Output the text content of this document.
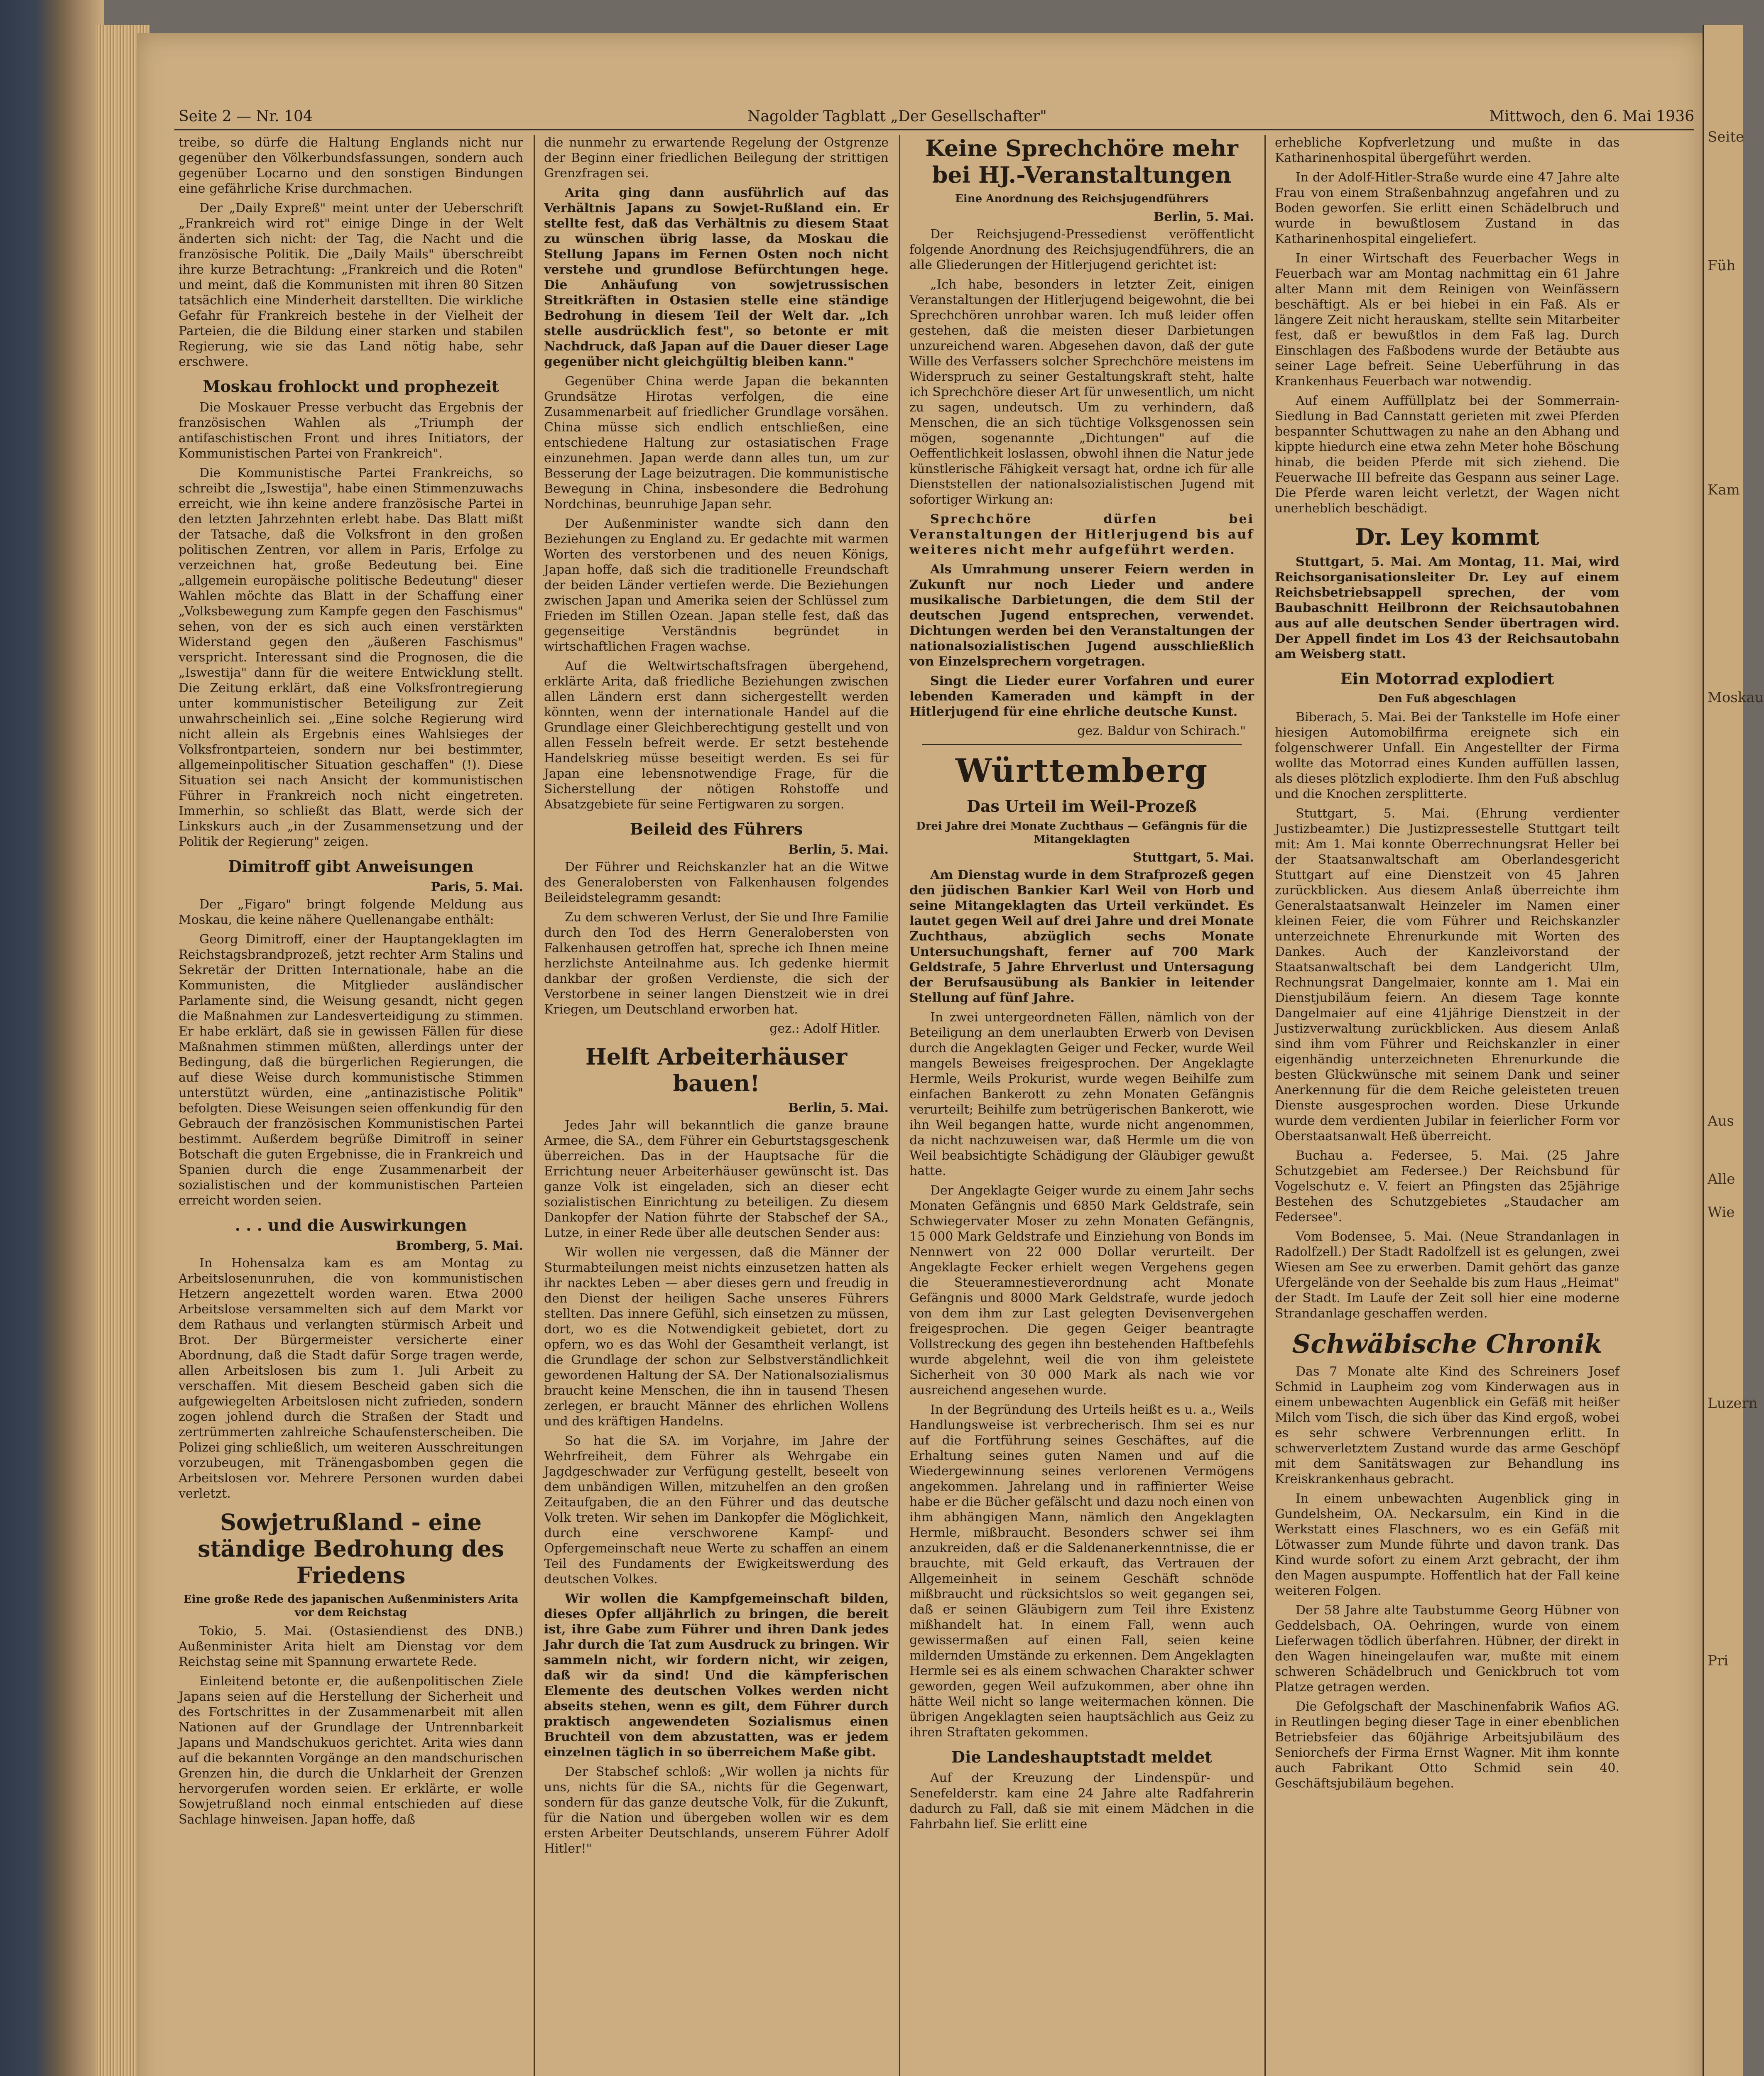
Seite 2 — Nr. 104	Nagolder Tagblatt „Der Gesellschafter"	Mittwoch, den 6. Mai 1936

treibe, so dürfe die Haltung Englands nicht nur gegenüber den Völkerbundsfassungen, sondern auch gegenüber Locarno und den sonstigen Bindungen eine gefährliche Krise durchmachen.

Der „Daily Expreß" meint unter der Ueberschrift „Frankreich wird rot" einige Dinge in der Welt änderten sich nicht: der Tag, die Nacht und die französische Politik. Die „Daily Mails" überschreibt ihre kurze Betrachtung: „Frankreich und die Roten" und meint, daß die Kommunisten mit ihren 80 Sitzen tatsächlich eine Minderheit darstellten. Die wirkliche Gefahr für Frankreich bestehe in der Vielheit der Parteien, die die Bildung einer starken und stabilen Regierung, wie sie das Land nötig habe, sehr erschwere.

Moskau frohlockt und prophezeit

Die Moskauer Presse verbucht das Ergebnis der französischen Wahlen als „Triumph der antifaschistischen Front und ihres Initiators, der Kommunistischen Partei von Frankreich".

Die Kommunistische Partei Frankreichs, so schreibt die „Iswestija", habe einen Stimmenzuwachs erreicht, wie ihn keine andere französische Partei in den letzten Jahrzehnten erlebt habe. Das Blatt mißt der Tatsache, daß die Volksfront in den großen politischen Zentren, vor allem in Paris, Erfolge zu verzeichnen hat, große Bedeutung bei. Eine „allgemein europäische politische Bedeutung" dieser Wahlen möchte das Blatt in der Schaffung einer „Volksbewegung zum Kampfe gegen den Faschismus" sehen, von der es sich auch einen verstärkten Widerstand gegen den „äußeren Faschismus" verspricht. Interessant sind die Prognosen, die die „Iswestija" dann für die weitere Entwicklung stellt. Die Zeitung erklärt, daß eine Volksfrontregierung unter kommunistischer Beteiligung zur Zeit unwahrscheinlich sei. „Eine solche Regierung wird nicht allein als Ergebnis eines Wahlsieges der Volksfrontparteien, sondern nur bei bestimmter, allgemeinpolitischer Situation geschaffen" (!). Diese Situation sei nach Ansicht der kommunistischen Führer in Frankreich noch nicht eingetreten. Immerhin, so schließt das Blatt, werde sich der Linkskurs auch „in der Zusammensetzung und der Politik der Regierung" zeigen.

Dimitroff gibt Anweisungen
Paris, 5. Mai.

Der „Figaro" bringt folgende Meldung aus Moskau, die keine nähere Quellenangabe enthält:

Georg Dimitroff, einer der Hauptangeklagten im Reichstagsbrandprozeß, jetzt rechter Arm Stalins und Sekretär der Dritten Internationale, habe an die Kommunisten, die Mitglieder ausländischer Parlamente sind, die Weisung gesandt, nicht gegen die Maßnahmen zur Landesverteidigung zu stimmen. Er habe erklärt, daß sie in gewissen Fällen für diese Maßnahmen stimmen müßten, allerdings unter der Bedingung, daß die bürgerlichen Regierungen, die auf diese Weise durch kommunistische Stimmen unterstützt würden, eine „antinazistische Politik" befolgten. Diese Weisungen seien offenkundig für den Gebrauch der französischen Kommunistischen Partei bestimmt. Außerdem begrüße Dimitroff in seiner Botschaft die guten Ergebnisse, die in Frankreich und Spanien durch die enge Zusammenarbeit der sozialistischen und der kommunistischen Parteien erreicht worden seien.

. . . und die Auswirkungen
Bromberg, 5. Mai.

In Hohensalza kam es am Montag zu Arbeitslosenunruhen, die von kommunistischen Hetzern angezettelt worden waren. Etwa 2000 Arbeitslose versammelten sich auf dem Markt vor dem Rathaus und verlangten stürmisch Arbeit und Brot. Der Bürgermeister versicherte einer Abordnung, daß die Stadt dafür Sorge tragen werde, allen Arbeitslosen bis zum 1. Juli Arbeit zu verschaffen. Mit diesem Bescheid gaben sich die aufgewiegelten Arbeitslosen nicht zufrieden, sondern zogen johlend durch die Straßen der Stadt und zertrümmerten zahlreiche Schaufensterscheiben. Die Polizei ging schließlich, um weiteren Ausschreitungen vorzubeugen, mit Tränengasbomben gegen die Arbeitslosen vor. Mehrere Personen wurden dabei verletzt.

Sowjetrußland - eine ständige Bedrohung des Friedens
Eine große Rede des japanischen Außenministers Arita vor dem Reichstag

Tokio, 5. Mai. (Ostasiendienst des DNB.) Außenminister Arita hielt am Dienstag vor dem Reichstag seine mit Spannung erwartete Rede.

Einleitend betonte er, die außenpolitischen Ziele Japans seien auf die Herstellung der Sicherheit und des Fortschrittes in der Zusammenarbeit mit allen Nationen auf der Grundlage der Untrennbarkeit Japans und Mandschukuos gerichtet. Arita wies dann auf die bekannten Vorgänge an den mandschurischen Grenzen hin, die durch die Unklarheit der Grenzen hervorgerufen worden seien. Er erklärte, er wolle Sowjetrußland noch einmal entschieden auf diese Sachlage hinweisen. Japan hoffe, daß

die nunmehr zu erwartende Regelung der Ostgrenze der Beginn einer friedlichen Beilegung der strittigen Grenzfragen sei.

Arita ging dann ausführlich auf das Verhältnis Japans zu Sowjet-Rußland ein. Er stellte fest, daß das Verhältnis zu diesem Staat zu wünschen übrig lasse, da Moskau die Stellung Japans im Fernen Osten noch nicht verstehe und grundlose Befürchtungen hege. Die Anhäufung von sowjetrussischen Streitkräften in Ostasien stelle eine ständige Bedrohung in diesem Teil der Welt dar. „Ich stelle ausdrücklich fest", so betonte er mit Nachdruck, daß Japan auf die Dauer dieser Lage gegenüber nicht gleichgültig bleiben kann."

Gegenüber China werde Japan die bekannten Grundsätze Hirotas verfolgen, die eine Zusammenarbeit auf friedlicher Grundlage vorsähen. China müsse sich endlich entschließen, eine entschiedene Haltung zur ostasiatischen Frage einzunehmen. Japan werde dann alles tun, um zur Besserung der Lage beizutragen. Die kommunistische Bewegung in China, insbesondere die Bedrohung Nordchinas, beunruhige Japan sehr.

Der Außenminister wandte sich dann den Beziehungen zu England zu. Er gedachte mit warmen Worten des verstorbenen und des neuen Königs, Japan hoffe, daß sich die traditionelle Freundschaft der beiden Länder vertiefen werde. Die Beziehungen zwischen Japan und Amerika seien der Schlüssel zum Frieden im Stillen Ozean. Japan stelle fest, daß das gegenseitige Verständnis begründet in wirtschaftlichen Fragen wachse.

Auf die Weltwirtschaftsfragen übergehend, erklärte Arita, daß friedliche Beziehungen zwischen allen Ländern erst dann sichergestellt werden könnten, wenn der internationale Handel auf die Grundlage einer Gleichberechtigung gestellt und von allen Fesseln befreit werde. Er setzt bestehende Handelskrieg müsse beseitigt werden. Es sei für Japan eine lebensnotwendige Frage, für die Sicherstellung der nötigen Rohstoffe und Absatzgebiete für seine Fertigwaren zu sorgen.

Beileid des Führers
Berlin, 5. Mai.

Der Führer und Reichskanzler hat an die Witwe des Generalobersten von Falkenhausen folgendes Beileidstelegramm gesandt:

Zu dem schweren Verlust, der Sie und Ihre Familie durch den Tod des Herrn Generalobersten von Falkenhausen getroffen hat, spreche ich Ihnen meine herzlichste Anteilnahme aus. Ich gedenke hiermit dankbar der großen Verdienste, die sich der Verstorbene in seiner langen Dienstzeit wie in drei Kriegen, um Deutschland erworben hat.

gez.: Adolf Hitler.
Helft Arbeiterhäuser bauen!
Berlin, 5. Mai.

Jedes Jahr will bekanntlich die ganze braune Armee, die SA., dem Führer ein Geburtstagsgeschenk überreichen. Das in der Hauptsache für die Errichtung neuer Arbeiterhäuser gewünscht ist. Das ganze Volk ist eingeladen, sich an dieser echt sozialistischen Einrichtung zu beteiligen. Zu diesem Dankopfer der Nation führte der Stabschef der SA., Lutze, in einer Rede über alle deutschen Sender aus:

Wir wollen nie vergessen, daß die Männer der Sturmabteilungen meist nichts einzusetzen hatten als ihr nacktes Leben — aber dieses gern und freudig in den Dienst der heiligen Sache unseres Führers stellten. Das innere Gefühl, sich einsetzen zu müssen, dort, wo es die Notwendigkeit gebietet, dort zu opfern, wo es das Wohl der Gesamtheit verlangt, ist die Grundlage der schon zur Selbstverständlichkeit gewordenen Haltung der SA. Der Nationalsozialismus braucht keine Menschen, die ihn in tausend Thesen zerlegen, er braucht Männer des ehrlichen Wollens und des kräftigen Handelns.

So hat die SA. im Vorjahre, im Jahre der Wehrfreiheit, dem Führer als Wehrgabe ein Jagdgeschwader zur Verfügung gestellt, beseelt von dem unbändigen Willen, mitzuhelfen an den großen Zeitaufgaben, die an den Führer und das deutsche Volk treten. Wir sehen im Dankopfer die Möglichkeit, durch eine verschworene Kampf- und Opfergemeinschaft neue Werte zu schaffen an einem Teil des Fundaments der Ewigkeitswerdung des deutschen Volkes.

Wir wollen die Kampfgemeinschaft bilden, dieses Opfer alljährlich zu bringen, die bereit ist, ihre Gabe zum Führer und ihren Dank jedes Jahr durch die Tat zum Ausdruck zu bringen. Wir sammeln nicht, wir fordern nicht, wir zeigen, daß wir da sind! Und die kämpferischen Elemente des deutschen Volkes werden nicht abseits stehen, wenn es gilt, dem Führer durch praktisch angewendeten Sozialismus einen Bruchteil von dem abzustatten, was er jedem einzelnen täglich in so überreichem Maße gibt.

Der Stabschef schloß: „Wir wollen ja nichts für uns, nichts für die SA., nichts für die Gegenwart, sondern für das ganze deutsche Volk, für die Zukunft, für die Nation und übergeben wollen wir es dem ersten Arbeiter Deutschlands, unserem Führer Adolf Hitler!"

Keine Sprechchöre mehr bei HJ.-Veranstaltungen
Eine Anordnung des Reichsjugendführers
Berlin, 5. Mai.

Der Reichsjugend-Pressedienst veröffentlicht folgende Anordnung des Reichsjugendführers, die an alle Gliederungen der Hitlerjugend gerichtet ist:

„Ich habe, besonders in letzter Zeit, einigen Veranstaltungen der Hitlerjugend beigewohnt, die bei Sprechchören unrohbar waren. Ich muß leider offen gestehen, daß die meisten dieser Darbietungen unzureichend waren. Abgesehen davon, daß der gute Wille des Verfassers solcher Sprechchöre meistens im Widerspruch zu seiner Gestaltungskraft steht, halte ich Sprechchöre dieser Art für unwesentlich, um nicht zu sagen, undeutsch. Um zu verhindern, daß Menschen, die an sich tüchtige Volksgenossen sein mögen, sogenannte „Dichtungen" auf die Oeffentlichkeit loslassen, obwohl ihnen die Natur jede künstlerische Fähigkeit versagt hat, ordne ich für alle Dienststellen der nationalsozialistischen Jugend mit sofortiger Wirkung an:

Sprechchöre dürfen bei Veranstaltungen der Hitlerjugend bis auf weiteres nicht mehr aufgeführt werden.

Als Umrahmung unserer Feiern werden in Zukunft nur noch Lieder und andere musikalische Darbietungen, die dem Stil der deutschen Jugend entsprechen, verwendet. Dichtungen werden bei den Veranstaltungen der nationalsozialistischen Jugend ausschließlich von Einzelsprechern vorgetragen.

Singt die Lieder eurer Vorfahren und eurer lebenden Kameraden und kämpft in der Hitlerjugend für eine ehrliche deutsche Kunst.

gez. Baldur von Schirach."
Württemberg
Das Urteil im Weil-Prozeß
Drei Jahre drei Monate Zuchthaus — Gefängnis für die Mitangeklagten
Stuttgart, 5. Mai.

Am Dienstag wurde in dem Strafprozeß gegen den jüdischen Bankier Karl Weil von Horb und seine Mitangeklagten das Urteil verkündet. Es lautet gegen Weil auf drei Jahre und drei Monate Zuchthaus, abzüglich sechs Monate Untersuchungshaft, ferner auf 700 Mark Geldstrafe, 5 Jahre Ehrverlust und Untersagung der Berufsausübung als Bankier in leitender Stellung auf fünf Jahre.

In zwei untergeordneten Fällen, nämlich von der Beteiligung an dem unerlaubten Erwerb von Devisen durch die Angeklagten Geiger und Fecker, wurde Weil mangels Beweises freigesprochen. Der Angeklagte Hermle, Weils Prokurist, wurde wegen Beihilfe zum einfachen Bankerott zu zehn Monaten Gefängnis verurteilt; Beihilfe zum betrügerischen Bankerott, wie ihn Weil begangen hatte, wurde nicht angenommen, da nicht nachzuweisen war, daß Hermle um die von Weil beabsichtigte Schädigung der Gläubiger gewußt hatte.

Der Angeklagte Geiger wurde zu einem Jahr sechs Monaten Gefängnis und 6850 Mark Geldstrafe, sein Schwiegervater Moser zu zehn Monaten Gefängnis, 15 000 Mark Geldstrafe und Einziehung von Bonds im Nennwert von 22 000 Dollar verurteilt. Der Angeklagte Fecker erhielt wegen Vergehens gegen die Steueramnestieverordnung acht Monate Gefängnis und 8000 Mark Geldstrafe, wurde jedoch von dem ihm zur Last gelegten Devisenvergehen freigesprochen. Die gegen Geiger beantragte Vollstreckung des gegen ihn bestehenden Haftbefehls wurde abgelehnt, weil die von ihm geleistete Sicherheit von 30 000 Mark als nach wie vor ausreichend angesehen wurde.

In der Begründung des Urteils heißt es u. a., Weils Handlungsweise ist verbrecherisch. Ihm sei es nur auf die Fortführung seines Geschäftes, auf die Erhaltung seines guten Namen und auf die Wiedergewinnung seines verlorenen Vermögens angekommen. Jahrelang und in raffinierter Weise habe er die Bücher gefälscht und dazu noch einen von ihm abhängigen Mann, nämlich den Angeklagten Hermle, mißbraucht. Besonders schwer sei ihm anzukreiden, daß er die Saldenanerkenntnisse, die er brauchte, mit Geld erkauft, das Vertrauen der Allgemeinheit in seinem Geschäft schnöde mißbraucht und rücksichtslos so weit gegangen sei, daß er seinen Gläubigern zum Teil ihre Existenz mißhandelt hat. In einem Fall, wenn auch gewissermaßen auf einen Fall, seien keine mildernden Umstände zu erkennen. Dem Angeklagten Hermle sei es als einem schwachen Charakter schwer geworden, gegen Weil aufzukommen, aber ohne ihn hätte Weil nicht so lange weitermachen können. Die übrigen Angeklagten seien hauptsächlich aus Geiz zu ihren Straftaten gekommen.

Die Landeshauptstadt meldet

Auf der Kreuzung der Lindenspür- und Senefelderstr. kam eine 24 Jahre alte Radfahrerin dadurch zu Fall, daß sie mit einem Mädchen in die Fahrbahn lief. Sie erlitt eine

erhebliche Kopfverletzung und mußte in das Katharinenhospital übergeführt werden.

In der Adolf-Hitler-Straße wurde eine 47 Jahre alte Frau von einem Straßenbahnzug angefahren und zu Boden geworfen. Sie erlitt einen Schädelbruch und wurde in bewußtlosem Zustand in das Katharinenhospital eingeliefert.

In einer Wirtschaft des Feuerbacher Wegs in Feuerbach war am Montag nachmittag ein 61 Jahre alter Mann mit dem Reinigen von Weinfässern beschäftigt. Als er bei hiebei in ein Faß. Als er längere Zeit nicht herauskam, stellte sein Mitarbeiter fest, daß er bewußtlos in dem Faß lag. Durch Einschlagen des Faßbodens wurde der Betäubte aus seiner Lage befreit. Seine Ueberführung in das Krankenhaus Feuerbach war notwendig.

Auf einem Auffüllplatz bei der Sommerrain-Siedlung in Bad Cannstatt gerieten mit zwei Pferden bespannter Schuttwagen zu nahe an den Abhang und kippte hiedurch eine etwa zehn Meter hohe Böschung hinab, die beiden Pferde mit sich ziehend. Die Feuerwache III befreite das Gespann aus seiner Lage. Die Pferde waren leicht verletzt, der Wagen nicht unerheblich beschädigt.

Dr. Ley kommt

Stuttgart, 5. Mai. Am Montag, 11. Mai, wird Reichsorganisationsleiter Dr. Ley auf einem Reichsbetriebsappell sprechen, der vom Baubaschnitt Heilbronn der Reichsautobahnen aus auf alle deutschen Sender übertragen wird. Der Appell findet im Los 43 der Reichsautobahn am Weisberg statt.

Ein Motorrad explodiert
Den Fuß abgeschlagen

Biberach, 5. Mai. Bei der Tankstelle im Hofe einer hiesigen Automobilfirma ereignete sich ein folgenschwerer Unfall. Ein Angestellter der Firma wollte das Motorrad eines Kunden auffüllen lassen, als dieses plötzlich explodierte. Ihm den Fuß abschlug und die Knochen zersplitterte.

Stuttgart, 5. Mai. (Ehrung verdienter Justizbeamter.) Die Justizpressestelle Stuttgart teilt mit: Am 1. Mai konnte Oberrechnungsrat Heller bei der Staatsanwaltschaft am Oberlandesgericht Stuttgart auf eine Dienstzeit von 45 Jahren zurückblicken. Aus diesem Anlaß überreichte ihm Generalstaatsanwalt Heinzeler im Namen einer kleinen Feier, die vom Führer und Reichskanzler unterzeichnete Ehrenurkunde mit Worten des Dankes. Auch der Kanzleivorstand der Staatsanwaltschaft bei dem Landgericht Ulm, Rechnungsrat Dangelmaier, konnte am 1. Mai ein Dienstjubiläum feiern. An diesem Tage konnte Dangelmaier auf eine 41jährige Dienstzeit in der Justizverwaltung zurückblicken. Aus diesem Anlaß sind ihm vom Führer und Reichskanzler in einer eigenhändig unterzeichneten Ehrenurkunde die besten Glückwünsche mit seinem Dank und seiner Anerkennung für die dem Reiche geleisteten treuen Dienste ausgesprochen worden. Diese Urkunde wurde dem verdienten Jubilar in feierlicher Form vor Oberstaatsanwalt Heß überreicht.

Buchau a. Federsee, 5. Mai. (25 Jahre Schutzgebiet am Federsee.) Der Reichsbund für Vogelschutz e. V. feiert an Pfingsten das 25jährige Bestehen des Schutzgebietes „Staudacher am Federsee".

Vom Bodensee, 5. Mai. (Neue Strandanlagen in Radolfzell.) Der Stadt Radolfzell ist es gelungen, zwei Wiesen am See zu erwerben. Damit gehört das ganze Ufergelände von der Seehalde bis zum Haus „Heimat" der Stadt. Im Laufe der Zeit soll hier eine moderne Strandanlage geschaffen werden.

Schwäbische Chronik

Das 7 Monate alte Kind des Schreiners Josef Schmid in Laupheim zog vom Kinderwagen aus in einem unbewachten Augenblick ein Gefäß mit heißer Milch vom Tisch, die sich über das Kind ergoß, wobei es sehr schwere Verbrennungen erlitt. In schwerverletztem Zustand wurde das arme Geschöpf mit dem Sanitätswagen zur Behandlung ins Kreiskrankenhaus gebracht.

In einem unbewachten Augenblick ging in Gundelsheim, OA. Neckarsulm, ein Kind in die Werkstatt eines Flaschners, wo es ein Gefäß mit Lötwasser zum Munde führte und davon trank. Das Kind wurde sofort zu einem Arzt gebracht, der ihm den Magen auspumpte. Hoffentlich hat der Fall keine weiteren Folgen.

Der 58 Jahre alte Taubstumme Georg Hübner von Geddelsbach, OA. Oehringen, wurde von einem Lieferwagen tödlich überfahren. Hübner, der direkt in den Wagen hineingelaufen war, mußte mit einem schweren Schädelbruch und Genickbruch tot vom Platze getragen werden.

Die Gefolgschaft der Maschinenfabrik Wafios AG. in Reutlingen beging dieser Tage in einer ebenblichen Betriebsfeier das 60jährige Arbeitsjubiläum des Seniorchefs der Firma Ernst Wagner. Mit ihm konnte auch Fabrikant Otto Schmid sein 40. Geschäftsjubiläum begehen.

Seite
Füh
Kam
Moskau
Aus
Alle
Wie
Luzern
Pri
